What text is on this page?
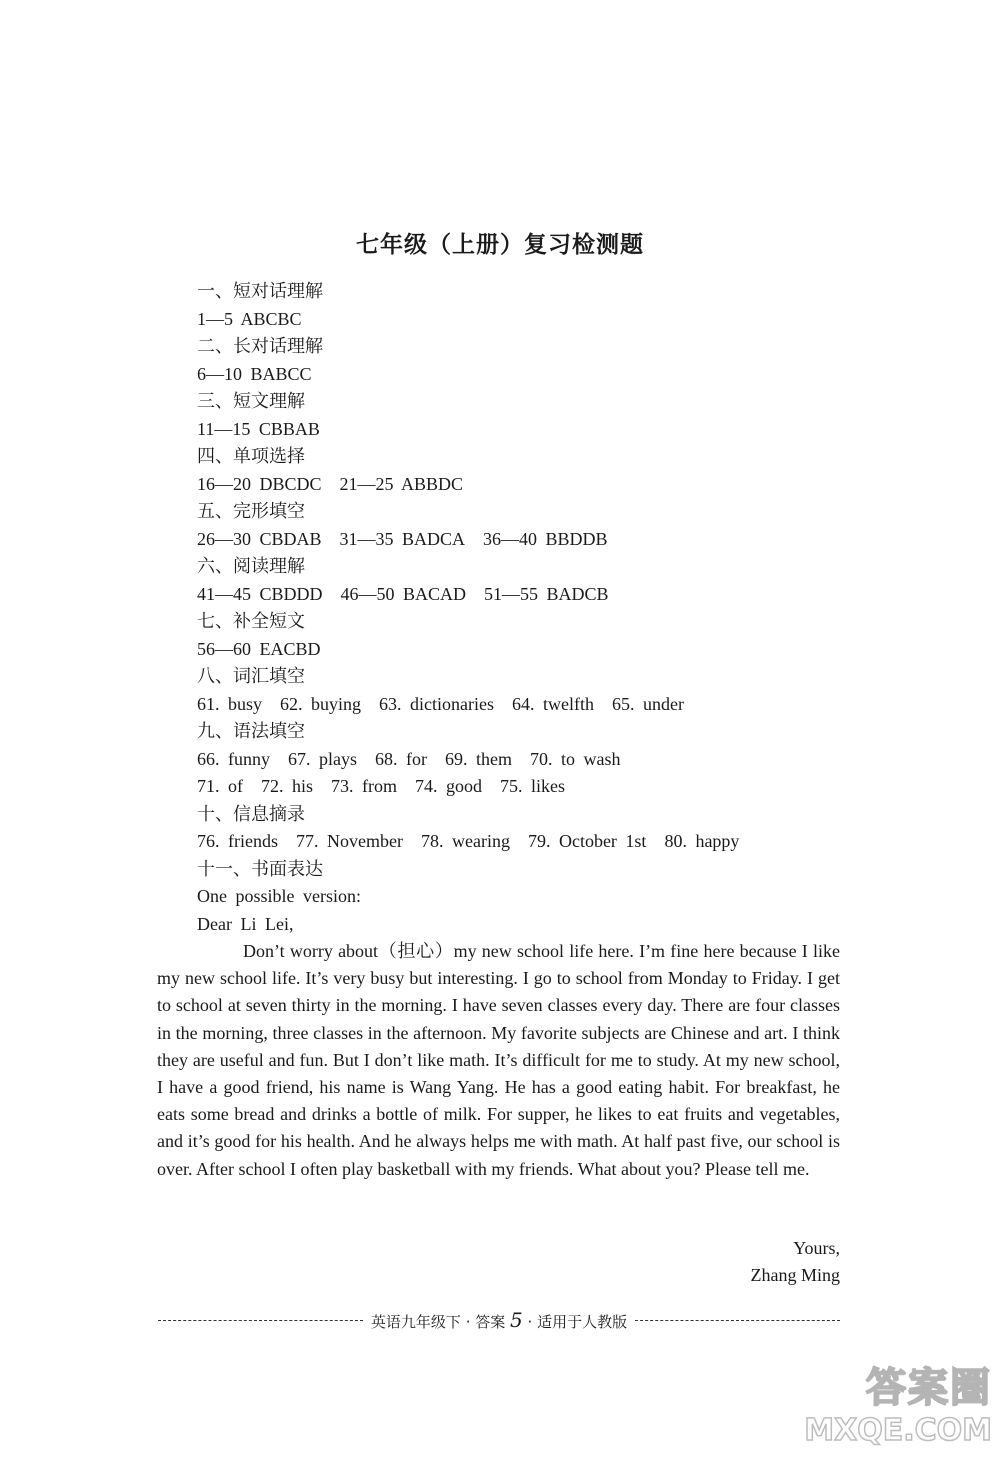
七年级（上册）复习检测题
一、短对话理解
1—5 ABCBC
二、长对话理解
6—10 BABCC
三、短文理解
11—15 CBBAB
四、单项选择
16—20 DBCDC 21—25 ABBDC
五、完形填空
26—30 CBDAB 31—35 BADCA 36—40 BBDDB
六、阅读理解
41—45 CBDDD 46—50 BACAD 51—55 BADCB
七、补全短文
56—60 EACBD
八、词汇填空
61. busy 62. buying 63. dictionaries 64. twelfth 65. under
九、语法填空
66. funny 67. plays 68. for 69. them 70. to wash
71. of 72. his 73. from 74. good 75. likes
十、信息摘录
76. friends 77. November 78. wearing 79. October 1st 80. happy
十一、书面表达
One possible version:
Dear Li Lei,

Don’t worry about（担心）my new school life here. I’m fine here because I like my new school life. It’s very busy but interesting. I go to school from Monday to Friday. I get to school at seven thirty in the morning. I have seven classes every day. There are four classes in the morning, three classes in the afternoon. My favorite subjects are Chinese and art. I think they are useful and fun. But I don’t like math. It’s difficult for me to study. At my new school, I have a good friend, his name is Wang Yang. He has a good eating habit. For breakfast, he eats some bread and drinks a bottle of milk. For supper, he likes to eat fruits and vegetables, and it’s good for his health. And he always helps me with math. At half past five, our school is over. After school I often play basketball with my friends. What about you? Please tell me.

Yours,
Zhang Ming
英语九年级下 · 答案 5 · 适用于人教版
答案圈
MXQE.COM
